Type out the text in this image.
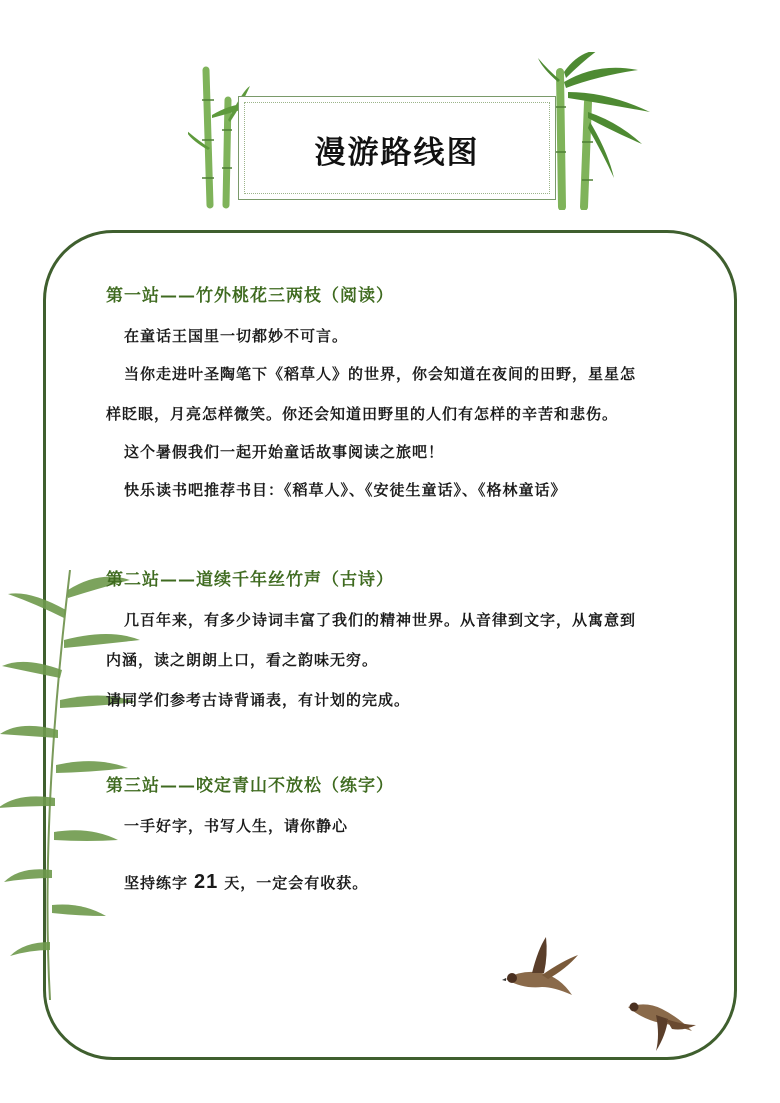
漫游路线图

第一站——竹外桃花三两枝（阅读）

在童话王国里一切都妙不可言。

当你走进叶圣陶笔下《稻草人》的世界，你会知道在夜间的田野，星星怎

样眨眼，月亮怎样微笑。你还会知道田野里的人们有怎样的辛苦和悲伤。

这个暑假我们一起开始童话故事阅读之旅吧！

快乐读书吧推荐书目：《稻草人》、《安徒生童话》、《格林童话》

第二站——道续千年丝竹声（古诗）

几百年来，有多少诗词丰富了我们的精神世界。从音律到文字，从寓意到

内涵，读之朗朗上口，看之韵味无穷。

请同学们参考古诗背诵表，有计划的完成。

第三站——咬定青山不放松（练字）

一手好字，书写人生，请你静心

坚持练字 21 天，一定会有收获。
